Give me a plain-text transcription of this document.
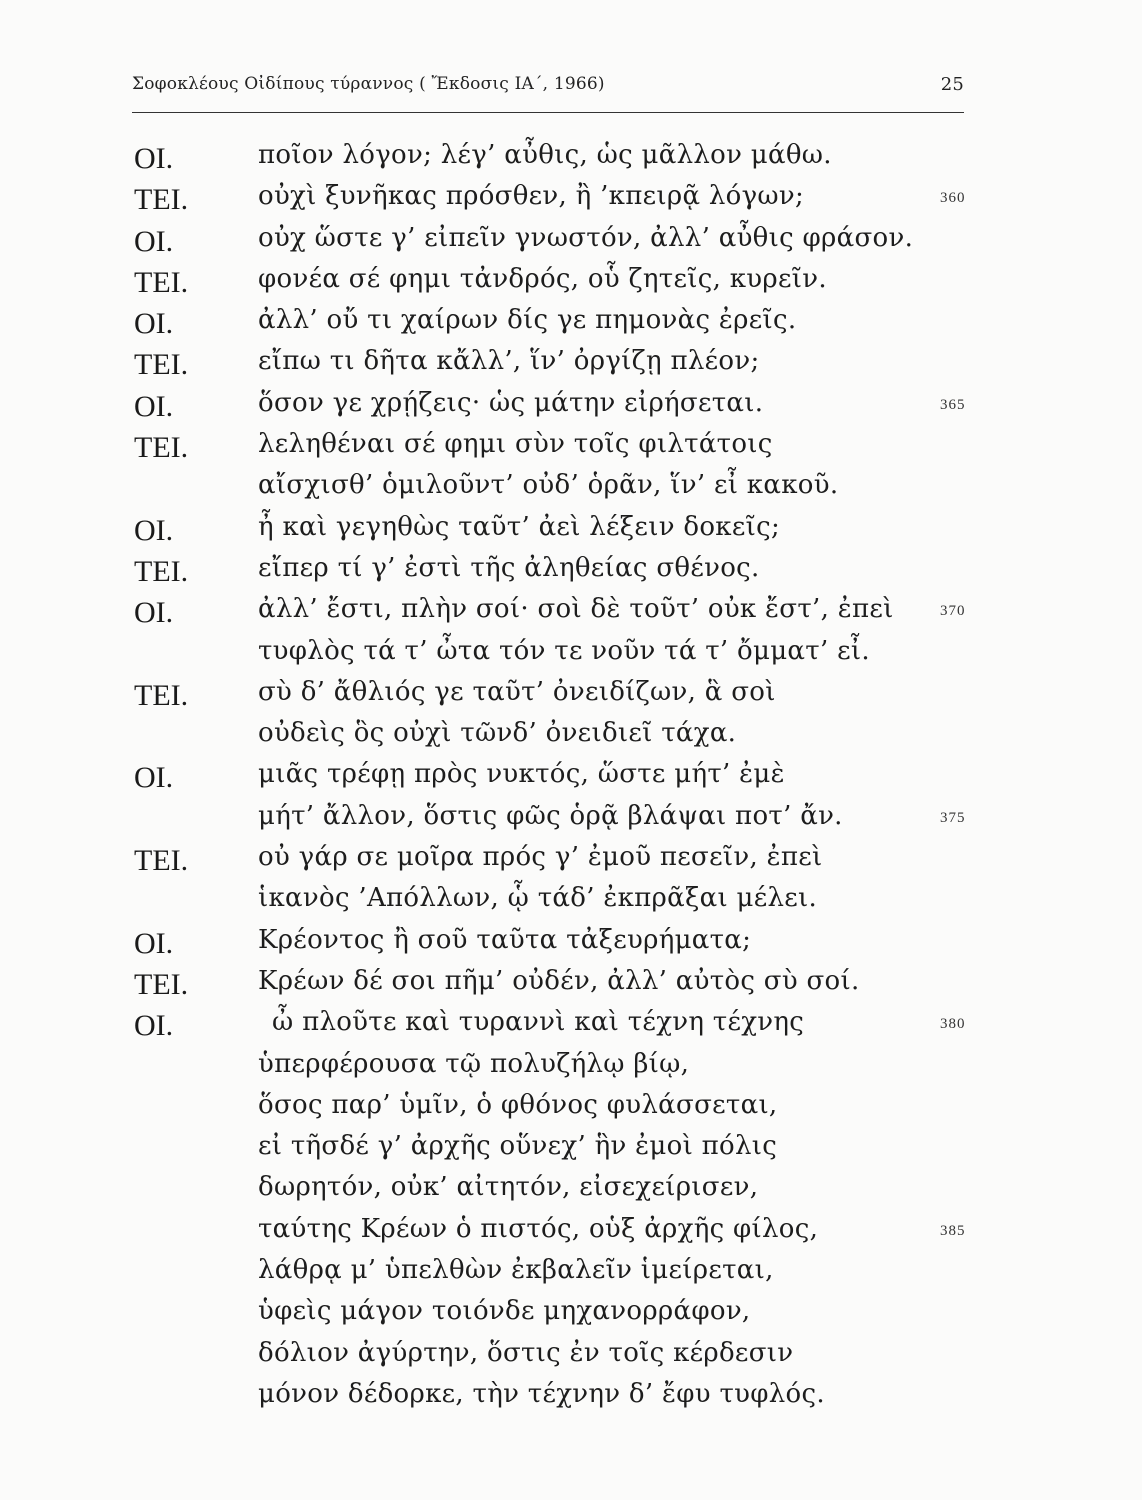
Σοφοκλέους Οἰδίπους τύραννος ( Ἔκδοσις ΙΑ΄, 1966)	25
ΟΙ.	ποῖον λόγον; λέγ’ αὖθις, ὡς μᾶλλον μάθω.
ΤΕΙ.	οὐχὶ ξυνῆκας πρόσθεν, ἢ ’κπειρᾷ λόγων;	360
ΟΙ.	οὐχ ὥστε γ’ εἰπεῖν γνωστόν, ἀλλ’ αὖθις φράσον.
ΤΕΙ.	φονέα σέ φημι τἀνδρός, οὗ ζητεῖς, κυρεῖν.
ΟΙ.	ἀλλ’ οὔ τι χαίρων δίς γε πημονὰς ἐρεῖς.
ΤΕΙ.	εἴπω τι δῆτα κἄλλ’, ἵν’ ὀργίζῃ πλέον;
ΟΙ.	ὅσον γε χρῄζεις· ὡς μάτην εἰρήσεται.	365
ΤΕΙ.	λεληθέναι σέ φημι σὺν τοῖς φιλτάτοις
αἴσχισθ’ ὁμιλοῦντ’ οὐδ’ ὁρᾶν, ἵν’ εἶ κακοῦ.
ΟΙ.	ἦ καὶ γεγηθὼς ταῦτ’ ἀεὶ λέξειν δοκεῖς;
ΤΕΙ.	εἴπερ τί γ’ ἐστὶ τῆς ἀληθείας σθένος.
ΟΙ.	ἀλλ’ ἔστι, πλὴν σοί· σοὶ δὲ τοῦτ’ οὐκ ἔστ’, ἐπεὶ	370
τυφλὸς τά τ’ ὦτα τόν τε νοῦν τά τ’ ὄμματ’ εἶ.
ΤΕΙ.	σὺ δ’ ἄθλιός γε ταῦτ’ ὀνειδίζων, ἃ σοὶ
οὐδεὶς ὃς οὐχὶ τῶνδ’ ὀνειδιεῖ τάχα.
ΟΙ.	μιᾶς τρέφῃ πρὸς νυκτός, ὥστε μήτ’ ἐμὲ
μήτ’ ἄλλον, ὅστις φῶς ὁρᾷ βλάψαι ποτ’ ἄν.	375
ΤΕΙ.	οὐ γάρ σε μοῖρα πρός γ’ ἐμοῦ πεσεῖν, ἐπεὶ
ἱκανὸς ’Απόλλων, ᾧ τάδ’ ἐκπρᾶξαι μέλει.
ΟΙ.	Κρέοντος ἢ σοῦ ταῦτα τἀξευρήματα;
ΤΕΙ.	Κρέων δέ σοι πῆμ’ οὐδέν, ἀλλ’ αὐτὸς σὺ σοί.
ΟΙ.	ὦ πλοῦτε καὶ τυραννὶ καὶ τέχνη τέχνης	380
ὑπερφέρουσα τῷ πολυζήλῳ βίῳ,
ὅσος παρ’ ὑμῖν, ὁ φθόνος φυλάσσεται,
εἰ τῆσδέ γ’ ἀρχῆς οὕνεχ’ ἣν ἐμοὶ πόλις
δωρητόν, οὐκ’ αἰτητόν, εἰσεχείρισεν,
ταύτης Κρέων ὁ πιστός, οὑξ ἀρχῆς φίλος,	385
λάθρᾳ μ’ ὑπελθὼν ἐκβαλεῖν ἱμείρεται,
ὑφεὶς μάγον τοιόνδε μηχανορράφον,
δόλιον ἀγύρτην, ὅστις ἐν τοῖς κέρδεσιν
μόνον δέδορκε, τὴν τέχνην δ’ ἔφυ τυφλός.
